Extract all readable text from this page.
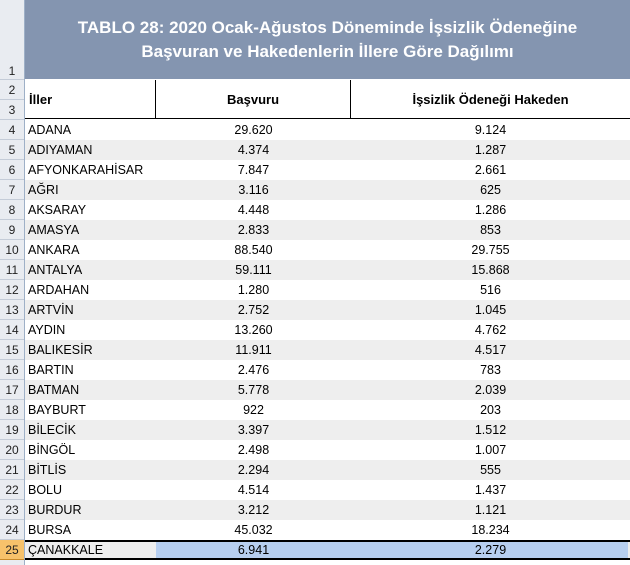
1
2
3
4
5
6
7
8
9
10
11
12
13
14
15
16
17
18
19
20
21
22
23
24
25
TABLO 28: 2020 Ocak-Ağustos Döneminde İşsizlik Ödeneğine
Başvuran ve Hakedenlerin İllere Göre Dağılımı
İller	Başvuru	İşsizlik Ödeneği Hakeden
ADANA	29.620	9.124
ADIYAMAN	4.374	1.287
AFYONKARAHİSAR	7.847	2.661
AĞRI	3.116	625
AKSARAY	4.448	1.286
AMASYA	2.833	853
ANKARA	88.540	29.755
ANTALYA	59.111	15.868
ARDAHAN	1.280	516
ARTVİN	2.752	1.045
AYDIN	13.260	4.762
BALIKESİR	11.911	4.517
BARTIN	2.476	783
BATMAN	5.778	2.039
BAYBURT	922	203
BİLECİK	3.397	1.512
BİNGÖL	2.498	1.007
BİTLİS	2.294	555
BOLU	4.514	1.437
BURDUR	3.212	1.121
BURSA	45.032	18.234
ÇANAKKALE	6.941	2.279
